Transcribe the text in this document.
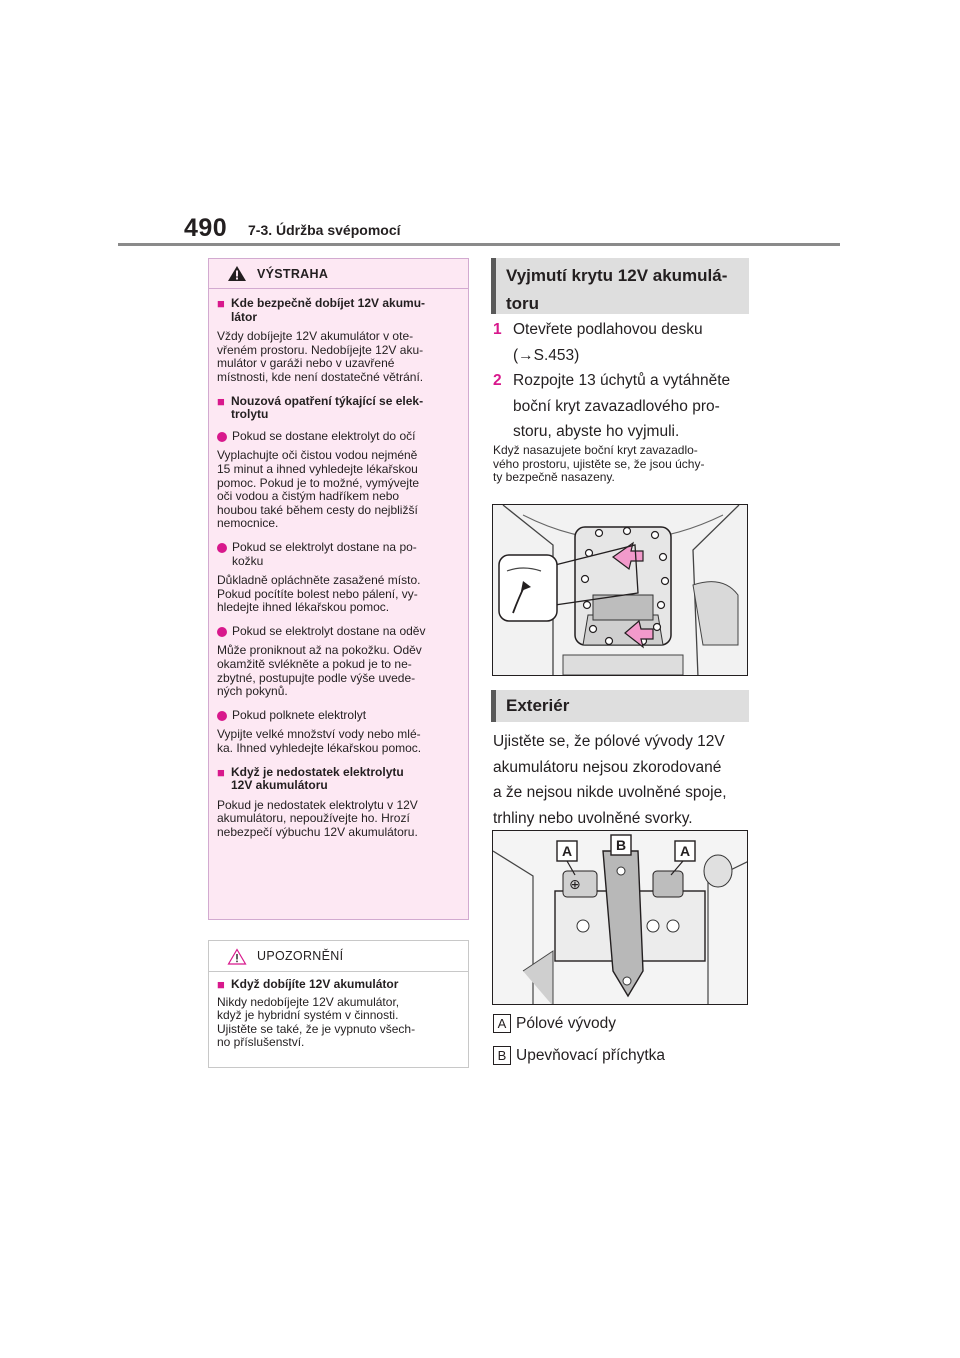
490 7-3. Údržba svépomocí
VÝSTRAHA
■ Kde bezpečně dobíjet 12V akumu-
látor
Vždy dobíjejte 12V akumulátor v ote-
vřeném prostoru. Nedobíjejte 12V aku-
mulátor v garáži nebo v uzavřené
místnosti, kde není dostatečné větrání.
■ Nouzová opatření týkající se elek-
trolytu
Pokud se dostane elektrolyt do očí
Vyplachujte oči čistou vodou nejméně
15 minut a ihned vyhledejte lékařskou
pomoc. Pokud je to možné, vymývejte
oči vodou a čistým hadříkem nebo
houbou také během cesty do nejbližší
nemocnice.
Pokud se elektrolyt dostane na po-
kožku
Důkladně opláchněte zasažené místo.
Pokud pocítíte bolest nebo pálení, vy-
hledejte ihned lékařskou pomoc.
Pokud se elektrolyt dostane na oděv
Může proniknout až na pokožku. Oděv
okamžitě svlékněte a pokud je to ne-
zbytné, postupujte podle výše uvede-
ných pokynů.
Pokud polknete elektrolyt
Vypijte velké množství vody nebo mlé-
ka. Ihned vyhledejte lékařskou pomoc.
■ Když je nedostatek elektrolytu
12V akumulátoru
Pokud je nedostatek elektrolytu v 12V
akumulátoru, nepoužívejte ho. Hrozí
nebezpečí výbuchu 12V akumulátoru.
UPOZORNĚNÍ
■ Když dobíjíte 12V akumulátor
Nikdy nedobíjejte 12V akumulátor,
když je hybridní systém v činnosti.
Ujistěte se také, že je vypnuto všech-
no příslušenství.
Vyjmutí krytu 12V akumulá-
toru
1 Otevřete podlahovou desku
(→S.453)
2 Rozpojte 13 úchytů a vytáhněte
boční kryt zavazadlového pro-
storu, abyste ho vyjmuli.
Když nasazujete boční kryt zavazadlo-
vého prostoru, ujistěte se, že jsou úchy-
ty bezpečně nasazeny.
Exteriér
Ujistěte se, že pólové vývody 12V
akumulátoru nejsou zkorodované
a že nejsou nikde uvolněné spoje,
trhliny nebo uvolněné svorky.
⊕
A	B	A
A Pólové vývody
B Upevňovací příchytka
